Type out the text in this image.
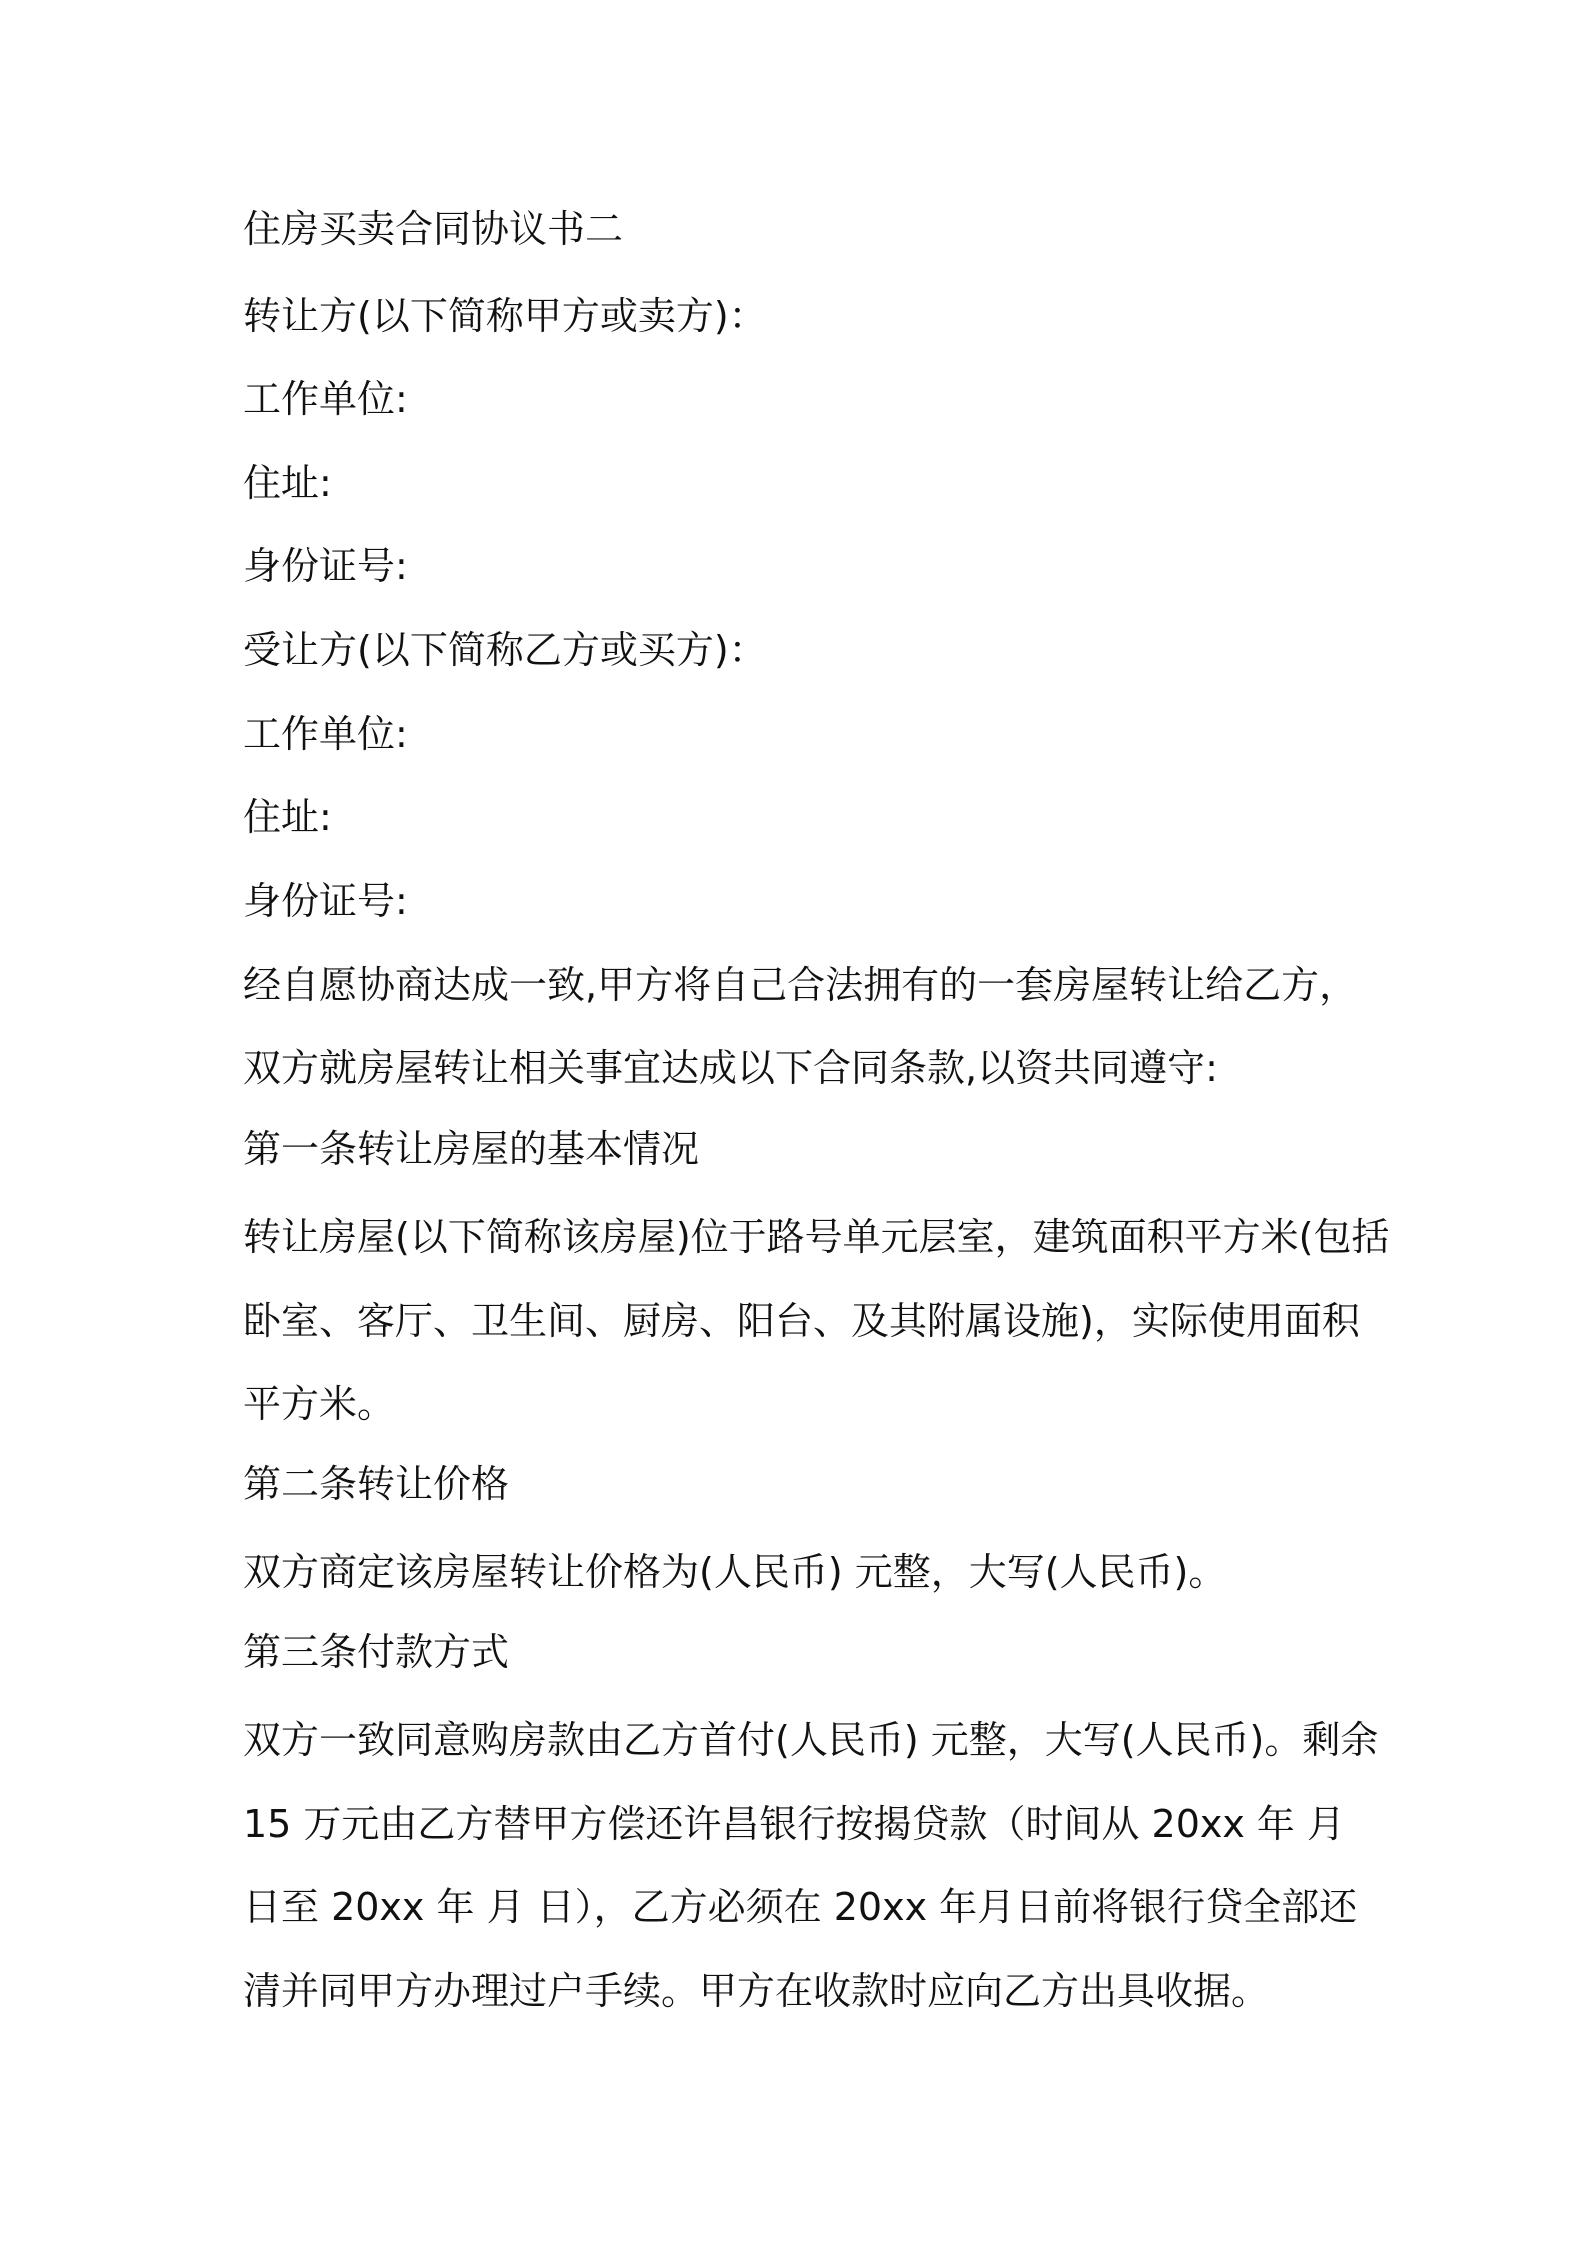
住房买卖合同协议书二
转让方(以下简称甲方或卖方)：
工作单位:
住址:
身份证号:
受让方(以下简称乙方或买方)：
工作单位:
住址:
身份证号:
经自愿协商达成一致,甲方将自己合法拥有的一套房屋转让给乙方，
双方就房屋转让相关事宜达成以下合同条款,以资共同遵守:
第一条转让房屋的基本情况
转让房屋(以下简称该房屋)位于路号单元层室，建筑面积平方米(包括
卧室、客厅、卫生间、厨房、阳台、及其附属设施)，实际使用面积
平方米。
第二条转让价格
双方商定该房屋转让价格为(人民币) 元整，大写(人民币)。
第三条付款方式
双方一致同意购房款由乙方首付(人民币) 元整，大写(人民币)。剩余
15 万元由乙方替甲方偿还许昌银行按揭贷款（时间从 20xx 年 月
日至 20xx 年 月 日），乙方必须在 20xx 年月日前将银行贷全部还
清并同甲方办理过户手续。甲方在收款时应向乙方出具收据。
